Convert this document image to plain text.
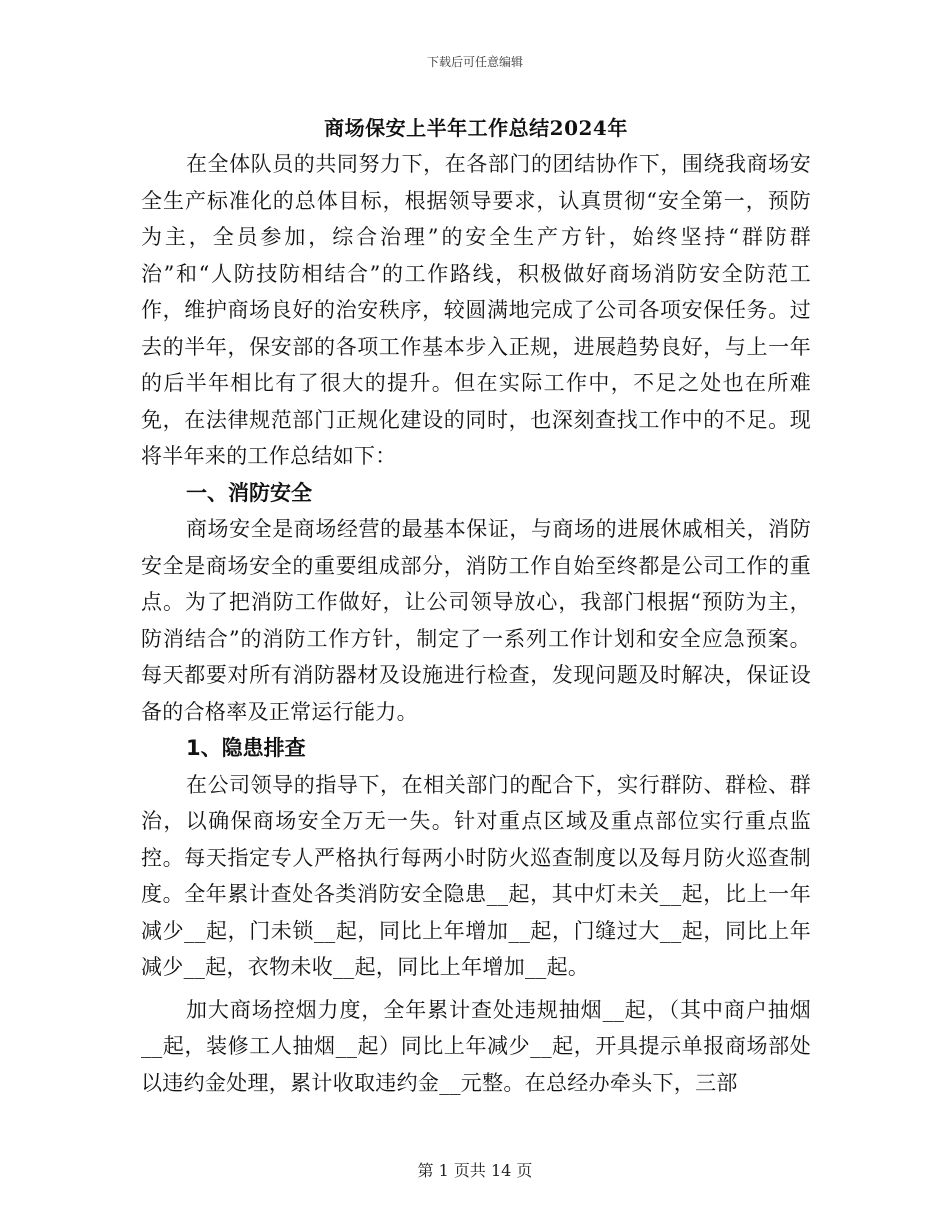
下载后可任意编辑
商场保安上半年工作总结2024年

在全体队员的共同努力下，在各部门的团结协作下，围绕我商场安全生产标准化的总体目标，根据领导要求，认真贯彻“安全第一，预防为主，全员参加，综合治理”的安全生产方针，始终坚持“群防群治”和“人防技防相结合”的工作路线，积极做好商场消防安全防范工作，维护商场良好的治安秩序，较圆满地完成了公司各项安保任务。过去的半年，保安部的各项工作基本步入正规，进展趋势良好，与上一年的后半年相比有了很大的提升。但在实际工作中，不足之处也在所难免，在法律规范部门正规化建设的同时，也深刻查找工作中的不足。现将半年来的工作总结如下：

一、消防安全

商场安全是商场经营的最基本保证，与商场的进展休戚相关，消防安全是商场安全的重要组成部分，消防工作自始至终都是公司工作的重点。为了把消防工作做好，让公司领导放心，我部门根据“预防为主，防消结合”的消防工作方针，制定了一系列工作计划和安全应急预案。每天都要对所有消防器材及设施进行检查，发现问题及时解决，保证设备的合格率及正常运行能力。

1、隐患排查

在公司领导的指导下，在相关部门的配合下，实行群防、群检、群治，以确保商场安全万无一失。针对重点区域及重点部位实行重点监控。每天指定专人严格执行每两小时防火巡查制度以及每月防火巡查制度。全年累计查处各类消防安全隐患__起，其中灯未关__起，比上一年减少__起，门未锁__起，同比上年增加__起，门缝过大__起，同比上年减少__起，衣物未收__起，同比上年增加__起。

加大商场控烟力度，全年累计查处违规抽烟__起，（其中商户抽烟__起，装修工人抽烟__起）同比上年减少__起，开具提示单报商场部处以违约金处理，累计收取违约金__元整。在总经办牵头下，三部

第 1 页共 14 页
